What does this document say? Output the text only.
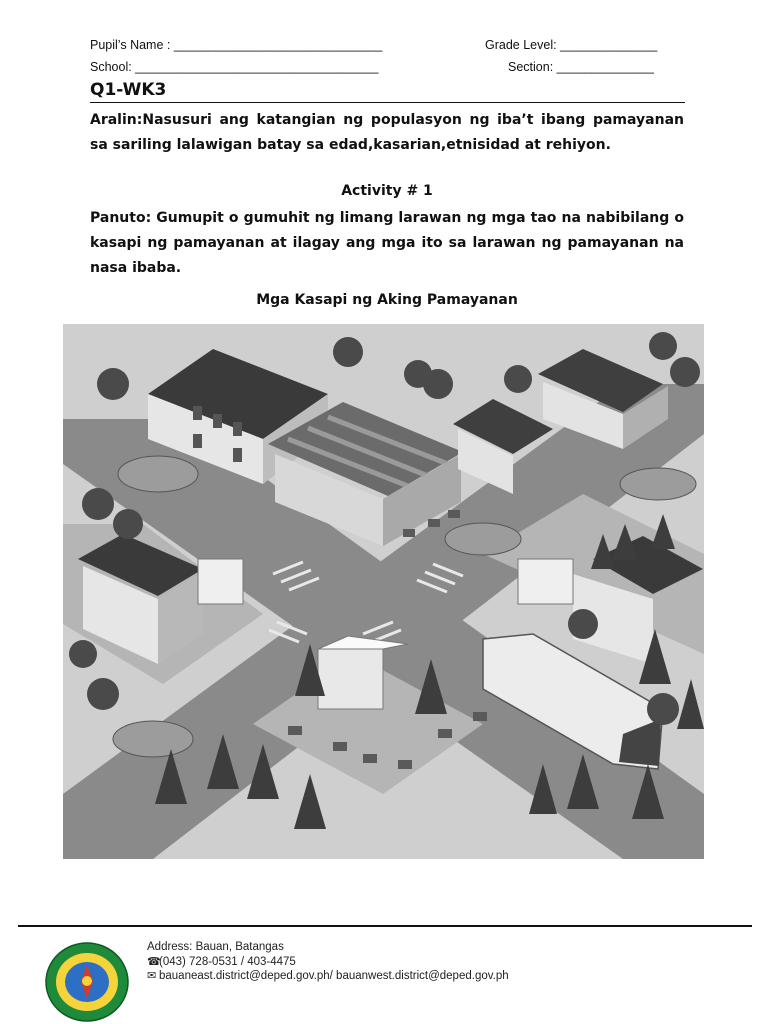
Pupil’s Name : ______________________________	Grade Level: ______________
School: ___________________________________	Section: ______________
Q1-WK3
Aralin:Nasusuri ang katangian ng populasyon ng iba’t ibang pamayanan sa sariling lalawigan batay sa edad,kasarian,etnisidad at rehiyon.
Activity # 1
Panuto: Gumupit o gumuhit ng limang larawan ng mga tao na nabibilang o kasapi ng pamayanan at ilagay ang mga ito sa larawan ng pamayanan na nasa ibaba.
Mga Kasapi ng Aking Pamayanan
Address: Bauan, Batangas
☎(043) 728-0531 / 403-4475
✉ bauaneast.district@deped.gov.ph/ bauanwest.district@deped.gov.ph
